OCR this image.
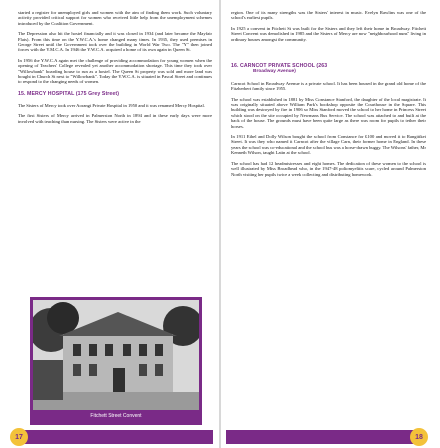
started a register for unemployed girls and women with the aim of finding them work. Such voluntary activity provided critical support for women who received little help from the unemployment schemes introduced by the Coalition Government.

The Depression also hit the hostel financially and it was closed in 1934 (and later became the Mayfair Flats). From this time on the Y.W.C.A.'s home changed many times. In 1935, they used premises in George Street until the Government took over the building in World War Two. The "Y" then joined forces with the Y.M.C.A. In 1946 the Y.W.C.A. acquired a home of its own again in Queen St.

In 1956 the Y.W.C.A again met the challenge of providing accommodation for young women when the opening of Teachers' College revealed yet another accommodation shortage. This time they took over "Willowbank" boarding house to run as a hostel. The Queen St property was sold and more land was bought in Church St next to "Willowbank". Today the Y.W.C.A. is situated in Pascal Street and continues to respond to the changing needs of women.

15. MERCY HOSPITAL (175 Grey Street)

The Sisters of Mercy took over Aorangi Private Hospital in 1950 and it was renamed Mercy Hospital.

The first Sisters of Mercy arrived in Palmerston North in 1894 and in these early days were more involved with teaching than nursing. The Sisters were active in the

Fitchett Street Convent

region. One of its many strengths was the Sisters' interest in music. Evelyn Rawlins was one of the school's earliest pupils.

In 1925 a convent in Fitchett St was built for the Sisters and they left their home in Broadway. Fitchett Street Convent was demolished in 1985 and the Sisters of Mercy are now "neighbourhood nuns" living in ordinary houses amongst the community.

16. CARNCOT PRIVATE SCHOOL (263
Broadway Avenue)

Carncot School in Broadway Avenue is a private school. It has been housed in the grand old home of the Fitzherbert family since 1955.

The school was established in 1881 by Miss Constance Stanford, the daughter of the local magistrate. It was originally situated above William Park's bookshop opposite the Courthouse in the Square. This building was destroyed by fire in 1906 so Miss Stanford moved the school to her home in Princess Street which stood on the site occupied by Newmans Bus Service. The school was attached to and built at the back of the house. The grounds must have been quite large as there was room for pupils to tether their horses.

In 1911 Ethel and Dolly Wilson bought the school from Constance for £100 and moved it to Rangitikei Street. It was they who named it Carncot after the village Carn, their former home in England. In these years the school was co-educational and the school bus was a horse-drawn buggy. The Wilsons' father, Mr Kenneth Wilson, taught Latin at the school.

The school has had 12 headmistresses and eight homes. The dedication of these women to the school is well illustrated by Miss Broadhead who, in the 1947-48 poliomyelitis scare, cycled around Palmerston North visiting her pupils twice a week collecting and distributing homework.

17	18
